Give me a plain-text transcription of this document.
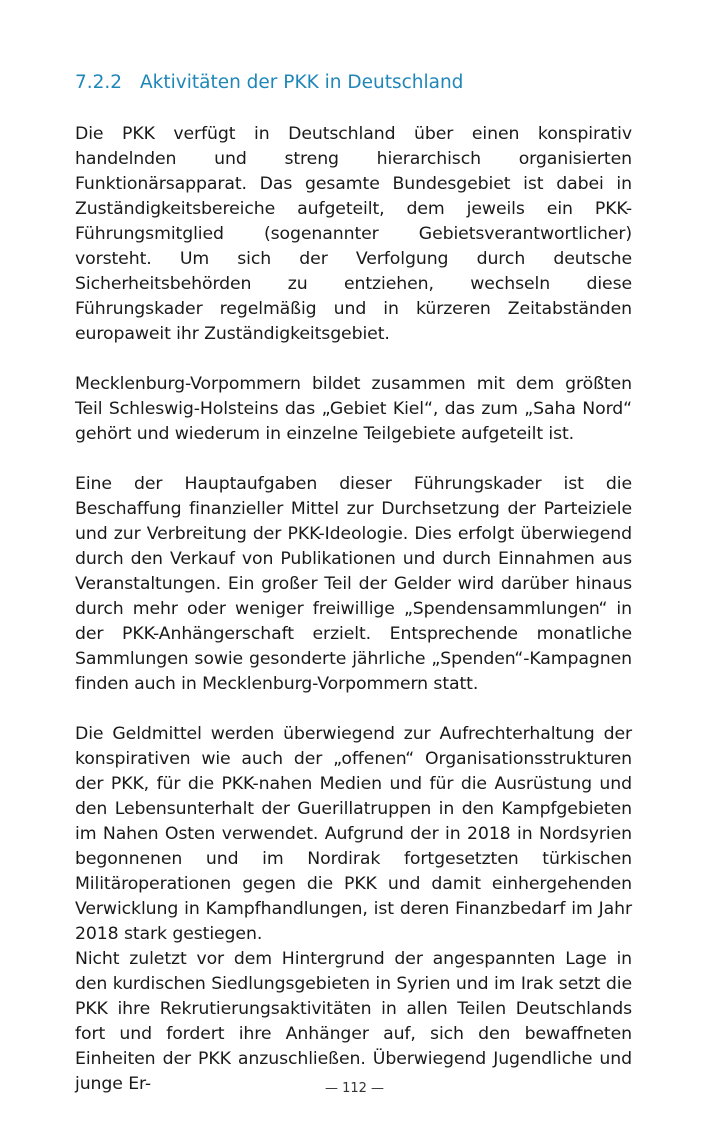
7.2.2 Aktivitäten der PKK in Deutschland

Die PKK verfügt in Deutschland über einen konspirativ handelnden und streng hierarchisch organisierten Funktionärsapparat. Das gesamte Bundesgebiet ist dabei in Zuständigkeitsbereiche aufgeteilt, dem jeweils ein PKK-Führungsmitglied (sogenannter Gebietsverantwortlicher) vorsteht. Um sich der Verfolgung durch deutsche Sicherheitsbehörden zu entziehen, wechseln diese Führungskader regelmäßig und in kürzeren Zeitabständen europaweit ihr Zuständigkeitsgebiet.

Mecklenburg-Vorpommern bildet zusammen mit dem größten Teil Schleswig-Holsteins das „Gebiet Kiel“, das zum „Saha Nord“ gehört und wiederum in einzelne Teilgebiete aufgeteilt ist.

Eine der Hauptaufgaben dieser Führungskader ist die Beschaffung finanzieller Mittel zur Durchsetzung der Parteiziele und zur Verbreitung der PKK-Ideologie. Dies erfolgt überwiegend durch den Verkauf von Publikationen und durch Einnahmen aus Veranstaltungen. Ein großer Teil der Gelder wird darüber hinaus durch mehr oder weniger freiwillige „Spendensammlungen“ in der PKK-Anhängerschaft erzielt. Entsprechende monatliche Sammlungen sowie gesonderte jährliche „Spenden“-Kampagnen finden auch in Mecklenburg-Vorpommern statt.

Die Geldmittel werden überwiegend zur Aufrechterhaltung der konspirativen wie auch der „offenen“ Organisationsstrukturen der PKK, für die PKK-nahen Medien und für die Ausrüstung und den Lebensunterhalt der Guerillatruppen in den Kampfgebieten im Nahen Osten verwendet. Aufgrund der in 2018 in Nordsyrien begonnenen und im Nordirak fortgesetzten türkischen Militäroperationen gegen die PKK und damit einhergehenden Verwicklung in Kampfhandlungen, ist deren Finanzbedarf im Jahr 2018 stark gestiegen.

Nicht zuletzt vor dem Hintergrund der angespannten Lage in den kurdischen Siedlungsgebieten in Syrien und im Irak setzt die PKK ihre Rekrutierungsaktivitäten in allen Teilen Deutschlands fort und fordert ihre Anhänger auf, sich den bewaffneten Einheiten der PKK anzuschließen. Überwiegend Jugendliche und junge Er-	— 112 —
